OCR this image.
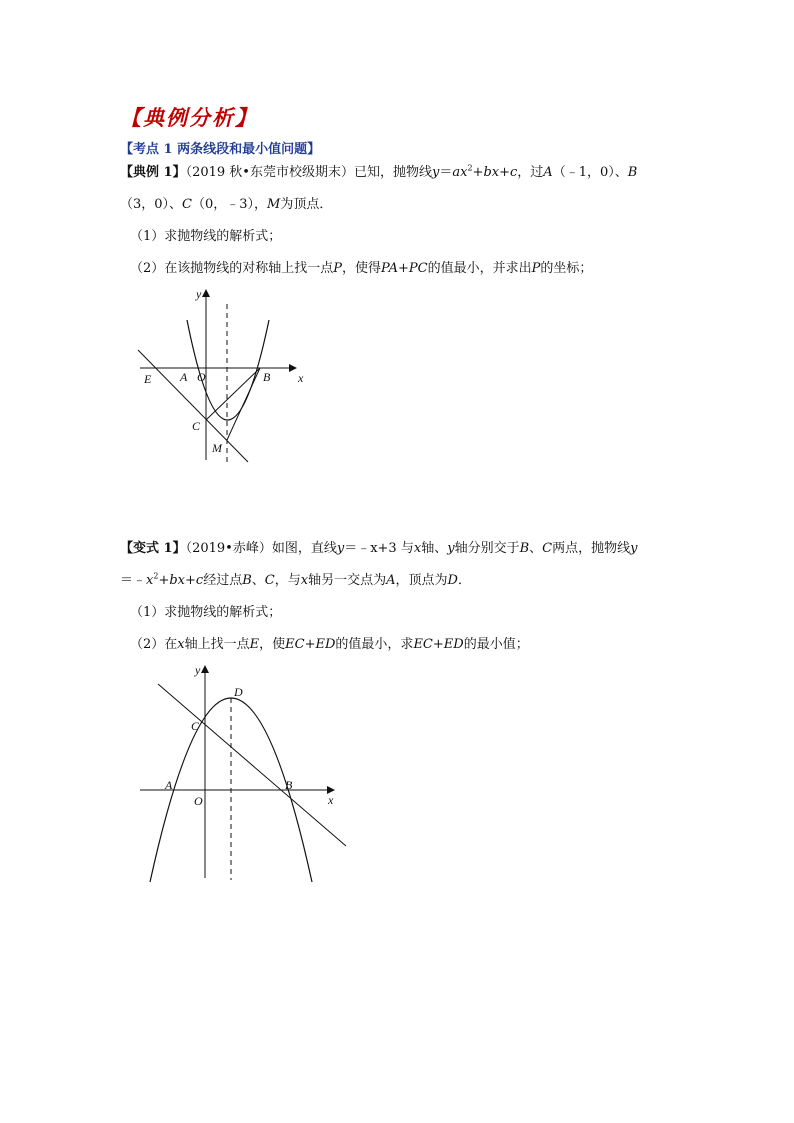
【典例分析】
【考点 1 两条线段和最小值问题】
【典例 1】（2019 秋•东莞市校级期末）已知，抛物线$y=ax^2+bx+c$，过A（﹣1，0）、B
（3，0）、C（0，﹣3），M为顶点．
（1）求抛物线的解析式；
（2）在该抛物线的对称轴上找一点P，使得PA+PC的值最小，并求出P的坐标；
y
x
E A O	B
C
M
【变式 1】（2019•赤峰）如图，直线y＝﹣x+3 与x轴、y轴分别交于B、C两点，抛物线y
$=﹣x^2+bx+c$经过点B、C，与x轴另一交点为A，顶点为D．
（1）求抛物线的解析式；
（2）在x轴上找一点E，使EC+ED的值最小，求EC+ED的最小值；
y
x
D
C
A
O
B
